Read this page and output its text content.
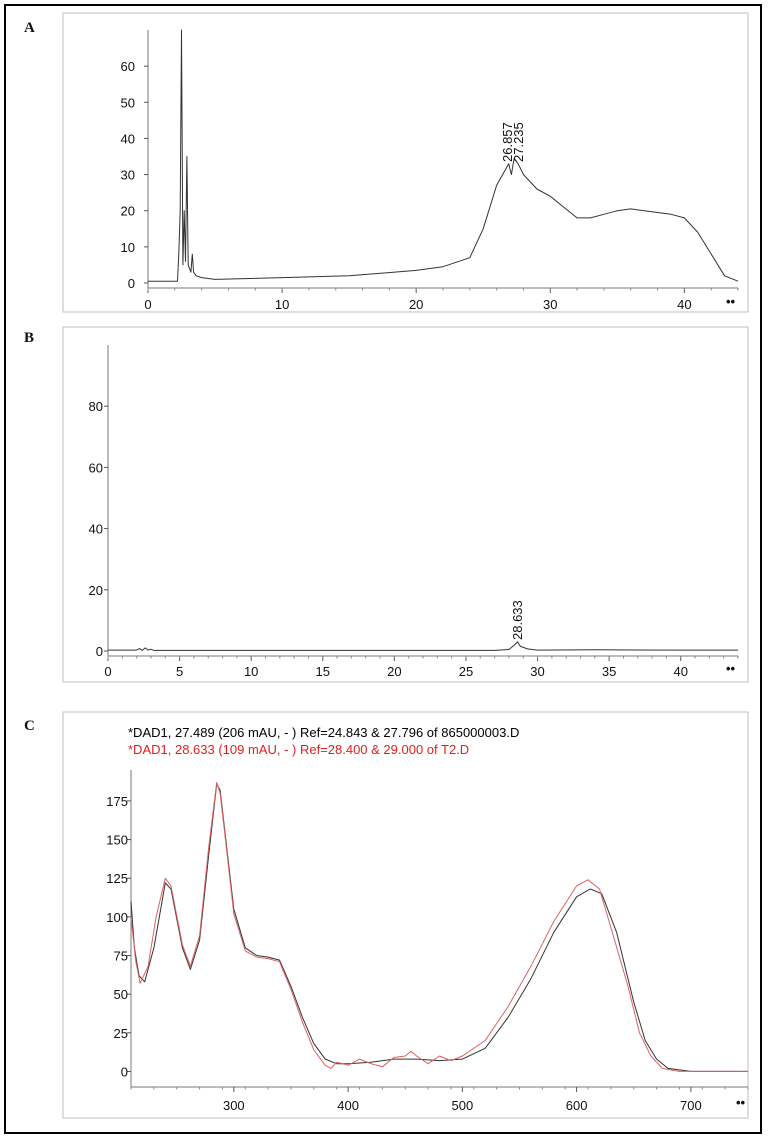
A
B
C
0	10	20	30	40	••
0
10
20
30
40
50
60
26.857
27.235
0	5	10	15	20	25	30	35	40	••
0
20
40
60
80
28.633
300	400	500	600	700	••
0
25
50
75
100
125
150
175
*DAD1, 27.489 (206 mAU, - ) Ref=24.843 & 27.796 of 865000003.D
*DAD1, 28.633 (109 mAU, - ) Ref=28.400 & 29.000 of T2.D
